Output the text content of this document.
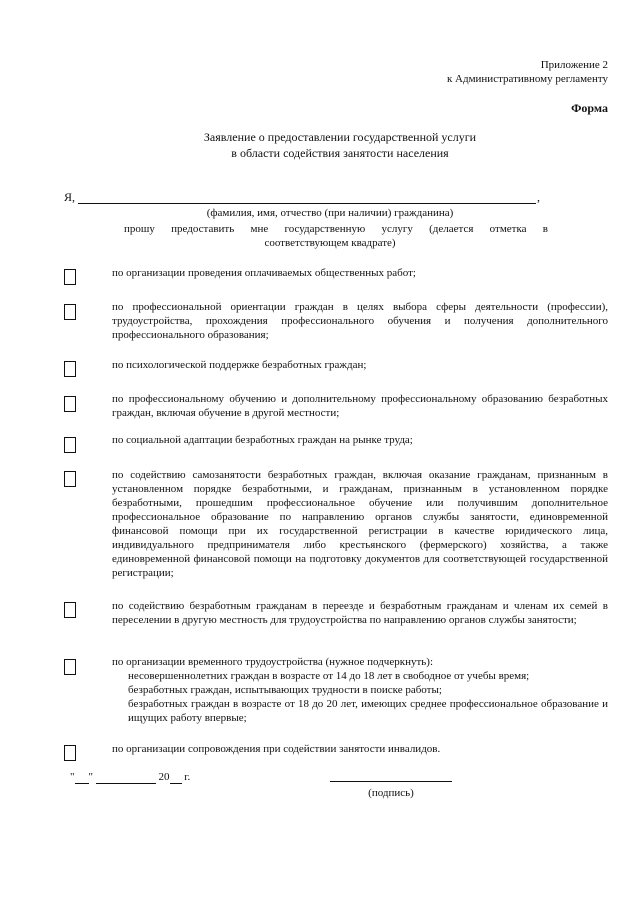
Приложение 2
к Административному регламенту
Форма
Заявление о предоставлении государственной услуги
в области содействия занятости населения
Я,	,
(фамилия, имя, отчество (при наличии) гражданина)
прошу предоставить мне государственную услугу (делается отметка в
соответствующем квадрате)
по организации проведения оплачиваемых общественных работ;
по профессиональной ориентации граждан в целях выбора сферы деятельности (профессии), трудоустройства, прохождения профессионального обучения и получения дополнительного профессионального образования;
по психологической поддержке безработных граждан;
по профессиональному обучению и дополнительному профессиональному образованию безработных граждан, включая обучение в другой местности;
по социальной адаптации безработных граждан на рынке труда;
по содействию самозанятости безработных граждан, включая оказание гражданам, признанным в установленном порядке безработными, и гражданам, признанным в установленном порядке безработными, прошедшим профессиональное обучение или получившим дополнительное профессиональное образование по направлению органов службы занятости, единовременной финансовой помощи при их государственной регистрации в качестве юридического лица, индивидуального предпринимателя либо крестьянского (фермерского) хозяйства, а также единовременной финансовой помощи на подготовку документов для соответствующей государственной регистрации;
по содействию безработным гражданам в переезде и безработным гражданам и членам их семей в переселении в другую местность для трудоустройства по направлению органов службы занятости;
по организации временного трудоустройства (нужное подчеркнуть):
несовершеннолетних граждан в возрасте от 14 до 18 лет в свободное от учебы время;
безработных граждан, испытывающих трудности в поиске работы;
безработных граждан в возрасте от 18 до 20 лет, имеющих среднее профессиональное образование и ищущих работу впервые;
по организации сопровождения при содействии занятости инвалидов.
" "	20 г.
(подпись)
